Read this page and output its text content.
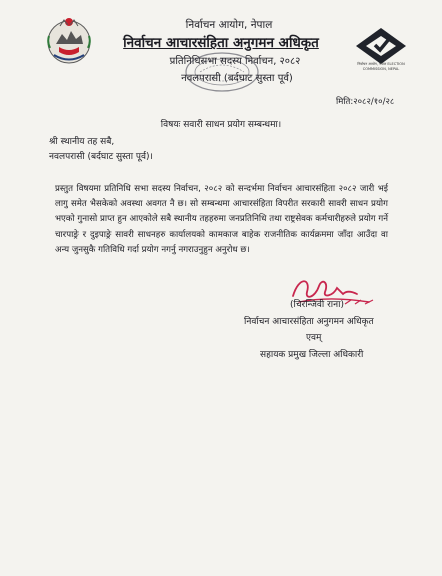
निर्वाचन आयोग, नेपाल ELECTION COMMISSION, NEPAL
निर्वाचन आयोग, नेपाल
निर्वाचन आचारसंहिता अनुगमन अधिकृत
प्रतिनिधिसभा सदस्य निर्वाचन, २०८२
नवलपरासी (बर्दघाट सुस्ता पूर्व)
मिति:२०८२/१०/२८
विषयः सवारी साधन प्रयोग सम्बन्धमा।
श्री स्थानीय तह सबै,
नवलपरासी (बर्दघाट सुस्ता पूर्व)।
प्रस्तुत विषयमा प्रतिनिधि सभा सदस्य निर्वाचन, २०८२ को सन्दर्भमा निर्वाचन आचारसंहिता २०८२ जारी भई लागु समेत भैसकेको अवस्था अवगत नै छ। सो सम्बन्धमा आचारसंहिता विपरीत सरकारी सावरी साधन प्रयोग भएको गुनासो प्राप्त हुन आएकोले सबै स्थानीय तहहरुमा जनप्रतिनिधि तथा राष्ट्रसेवक कर्मचारीहरुले प्रयोग गर्ने चारपाङ्रे र दुइपाङ्रे सावरी साधनहरु कार्यालयको कामकाज बाहेक राजनीतिक कार्यक्रममा जाँदा आउँदा वा अन्य जुनसुकै गतिविधि गर्दा प्रयोग नगर्नु नगराउनुहुन अनुरोध छ।
(चिरन्जिवी राना)
निर्वाचन आचारसंहिता अनुगमन अधिकृत
एवम्
सहायक प्रमुख जिल्ला अधिकारी
